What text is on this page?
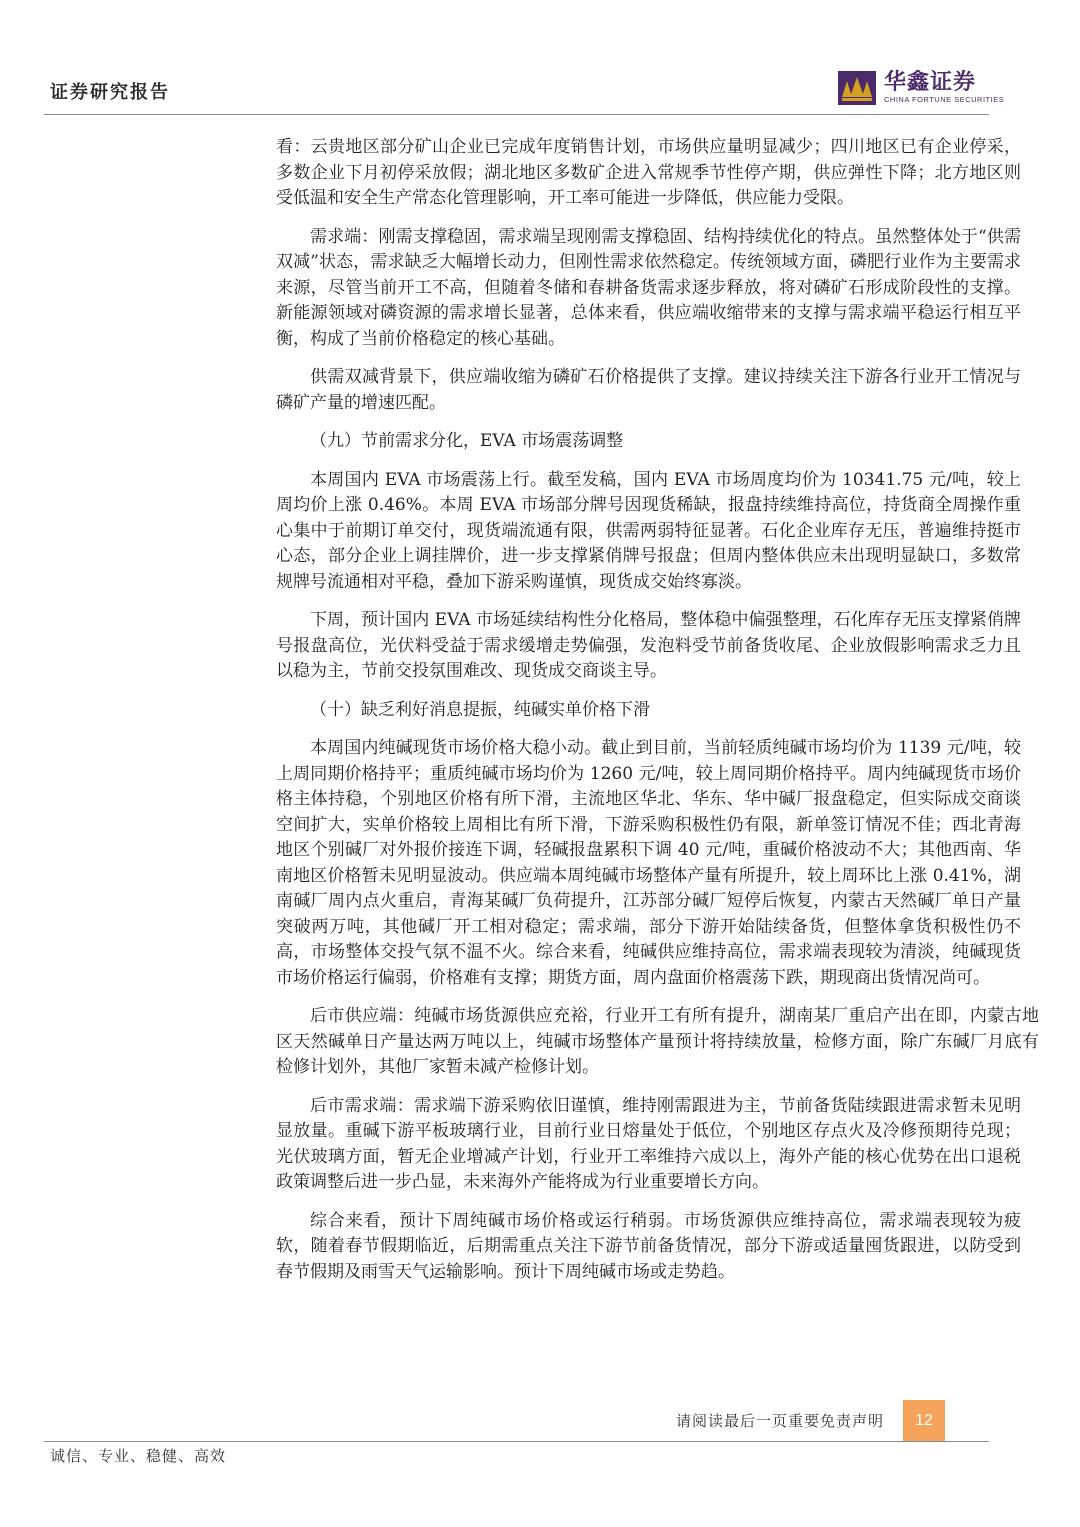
证券研究报告	华鑫证券
CHINA FORTUNE SECURITIES

看：云贵地区部分矿山企业已完成年度销售计划，市场供应量明显减少；四川地区已有企业停采，多数企业下月初停采放假；湖北地区多数矿企进入常规季节性停产期，供应弹性下降；北方地区则受低温和安全生产常态化管理影响，开工率可能进一步降低，供应能力受限。

需求端：刚需支撑稳固，需求端呈现刚需支撑稳固、结构持续优化的特点。虽然整体处于“供需双减”状态，需求缺乏大幅增长动力，但刚性需求依然稳定。传统领域方面，磷肥行业作为主要需求来源，尽管当前开工不高，但随着冬储和春耕备货需求逐步释放，将对磷矿石形成阶段性的支撑。新能源领域对磷资源的需求增长显著，总体来看，供应端收缩带来的支撑与需求端平稳运行相互平衡，构成了当前价格稳定的核心基础。

供需双减背景下，供应端收缩为磷矿石价格提供了支撑。建议持续关注下游各行业开工情况与磷矿产量的增速匹配。

（九）节前需求分化，EVA 市场震荡调整

本周国内 EVA 市场震荡上行。截至发稿，国内 EVA 市场周度均价为 10341.75 元/吨，较上周均价上涨 0.46%。本周 EVA 市场部分牌号因现货稀缺，报盘持续维持高位，持货商全周操作重心集中于前期订单交付，现货端流通有限，供需两弱特征显著。石化企业库存无压，普遍维持挺市心态，部分企业上调挂牌价，进一步支撑紧俏牌号报盘；但周内整体供应未出现明显缺口，多数常规牌号流通相对平稳，叠加下游采购谨慎，现货成交始终寡淡。

下周，预计国内 EVA 市场延续结构性分化格局，整体稳中偏强整理，石化库存无压支撑紧俏牌号报盘高位，光伏料受益于需求缓增走势偏强，发泡料受节前备货收尾、企业放假影响需求乏力且以稳为主，节前交投氛围难改、现货成交商谈主导。

（十）缺乏利好消息提振，纯碱实单价格下滑

本周国内纯碱现货市场价格大稳小动。截止到目前，当前轻质纯碱市场均价为 1139 元/吨，较上周同期价格持平；重质纯碱市场均价为 1260 元/吨，较上周同期价格持平。周内纯碱现货市场价格主体持稳，个别地区价格有所下滑，主流地区华北、华东、华中碱厂报盘稳定，但实际成交商谈空间扩大，实单价格较上周相比有所下滑，下游采购积极性仍有限，新单签订情况不佳；西北青海地区个别碱厂对外报价接连下调，轻碱报盘累积下调 40 元/吨，重碱价格波动不大；其他西南、华南地区价格暂未见明显波动。供应端本周纯碱市场整体产量有所提升，较上周环比上涨 0.41%，湖南碱厂周内点火重启，青海某碱厂负荷提升，江苏部分碱厂短停后恢复，内蒙古天然碱厂单日产量突破两万吨，其他碱厂开工相对稳定；需求端，部分下游开始陆续备货，但整体拿货积极性仍不高，市场整体交投气氛不温不火。综合来看，纯碱供应维持高位，需求端表现较为清淡，纯碱现货市场价格运行偏弱，价格难有支撑；期货方面，周内盘面价格震荡下跌，期现商出货情况尚可。

后市供应端：纯碱市场货源供应充裕，行业开工有所有提升，湖南某厂重启产出在即，内蒙古地区天然碱单日产量达两万吨以上，纯碱市场整体产量预计将持续放量，检修方面，除广东碱厂月底有检修计划外，其他厂家暂未减产检修计划。

后市需求端：需求端下游采购依旧谨慎，维持刚需跟进为主，节前备货陆续跟进需求暂未见明显放量。重碱下游平板玻璃行业，目前行业日熔量处于低位，个别地区存点火及冷修预期待兑现；光伏玻璃方面，暂无企业增减产计划，行业开工率维持六成以上，海外产能的核心优势在出口退税政策调整后进一步凸显，未来海外产能将成为行业重要增长方向。

综合来看，预计下周纯碱市场价格或运行稍弱。市场货源供应维持高位，需求端表现较为疲软，随着春节假期临近，后期需重点关注下游节前备货情况，部分下游或适量囤货跟进，以防受到春节假期及雨雪天气运输影响。预计下周纯碱市场或走势趋。

请阅读最后一页重要免责声明	12
诚信、专业、稳健、高效
